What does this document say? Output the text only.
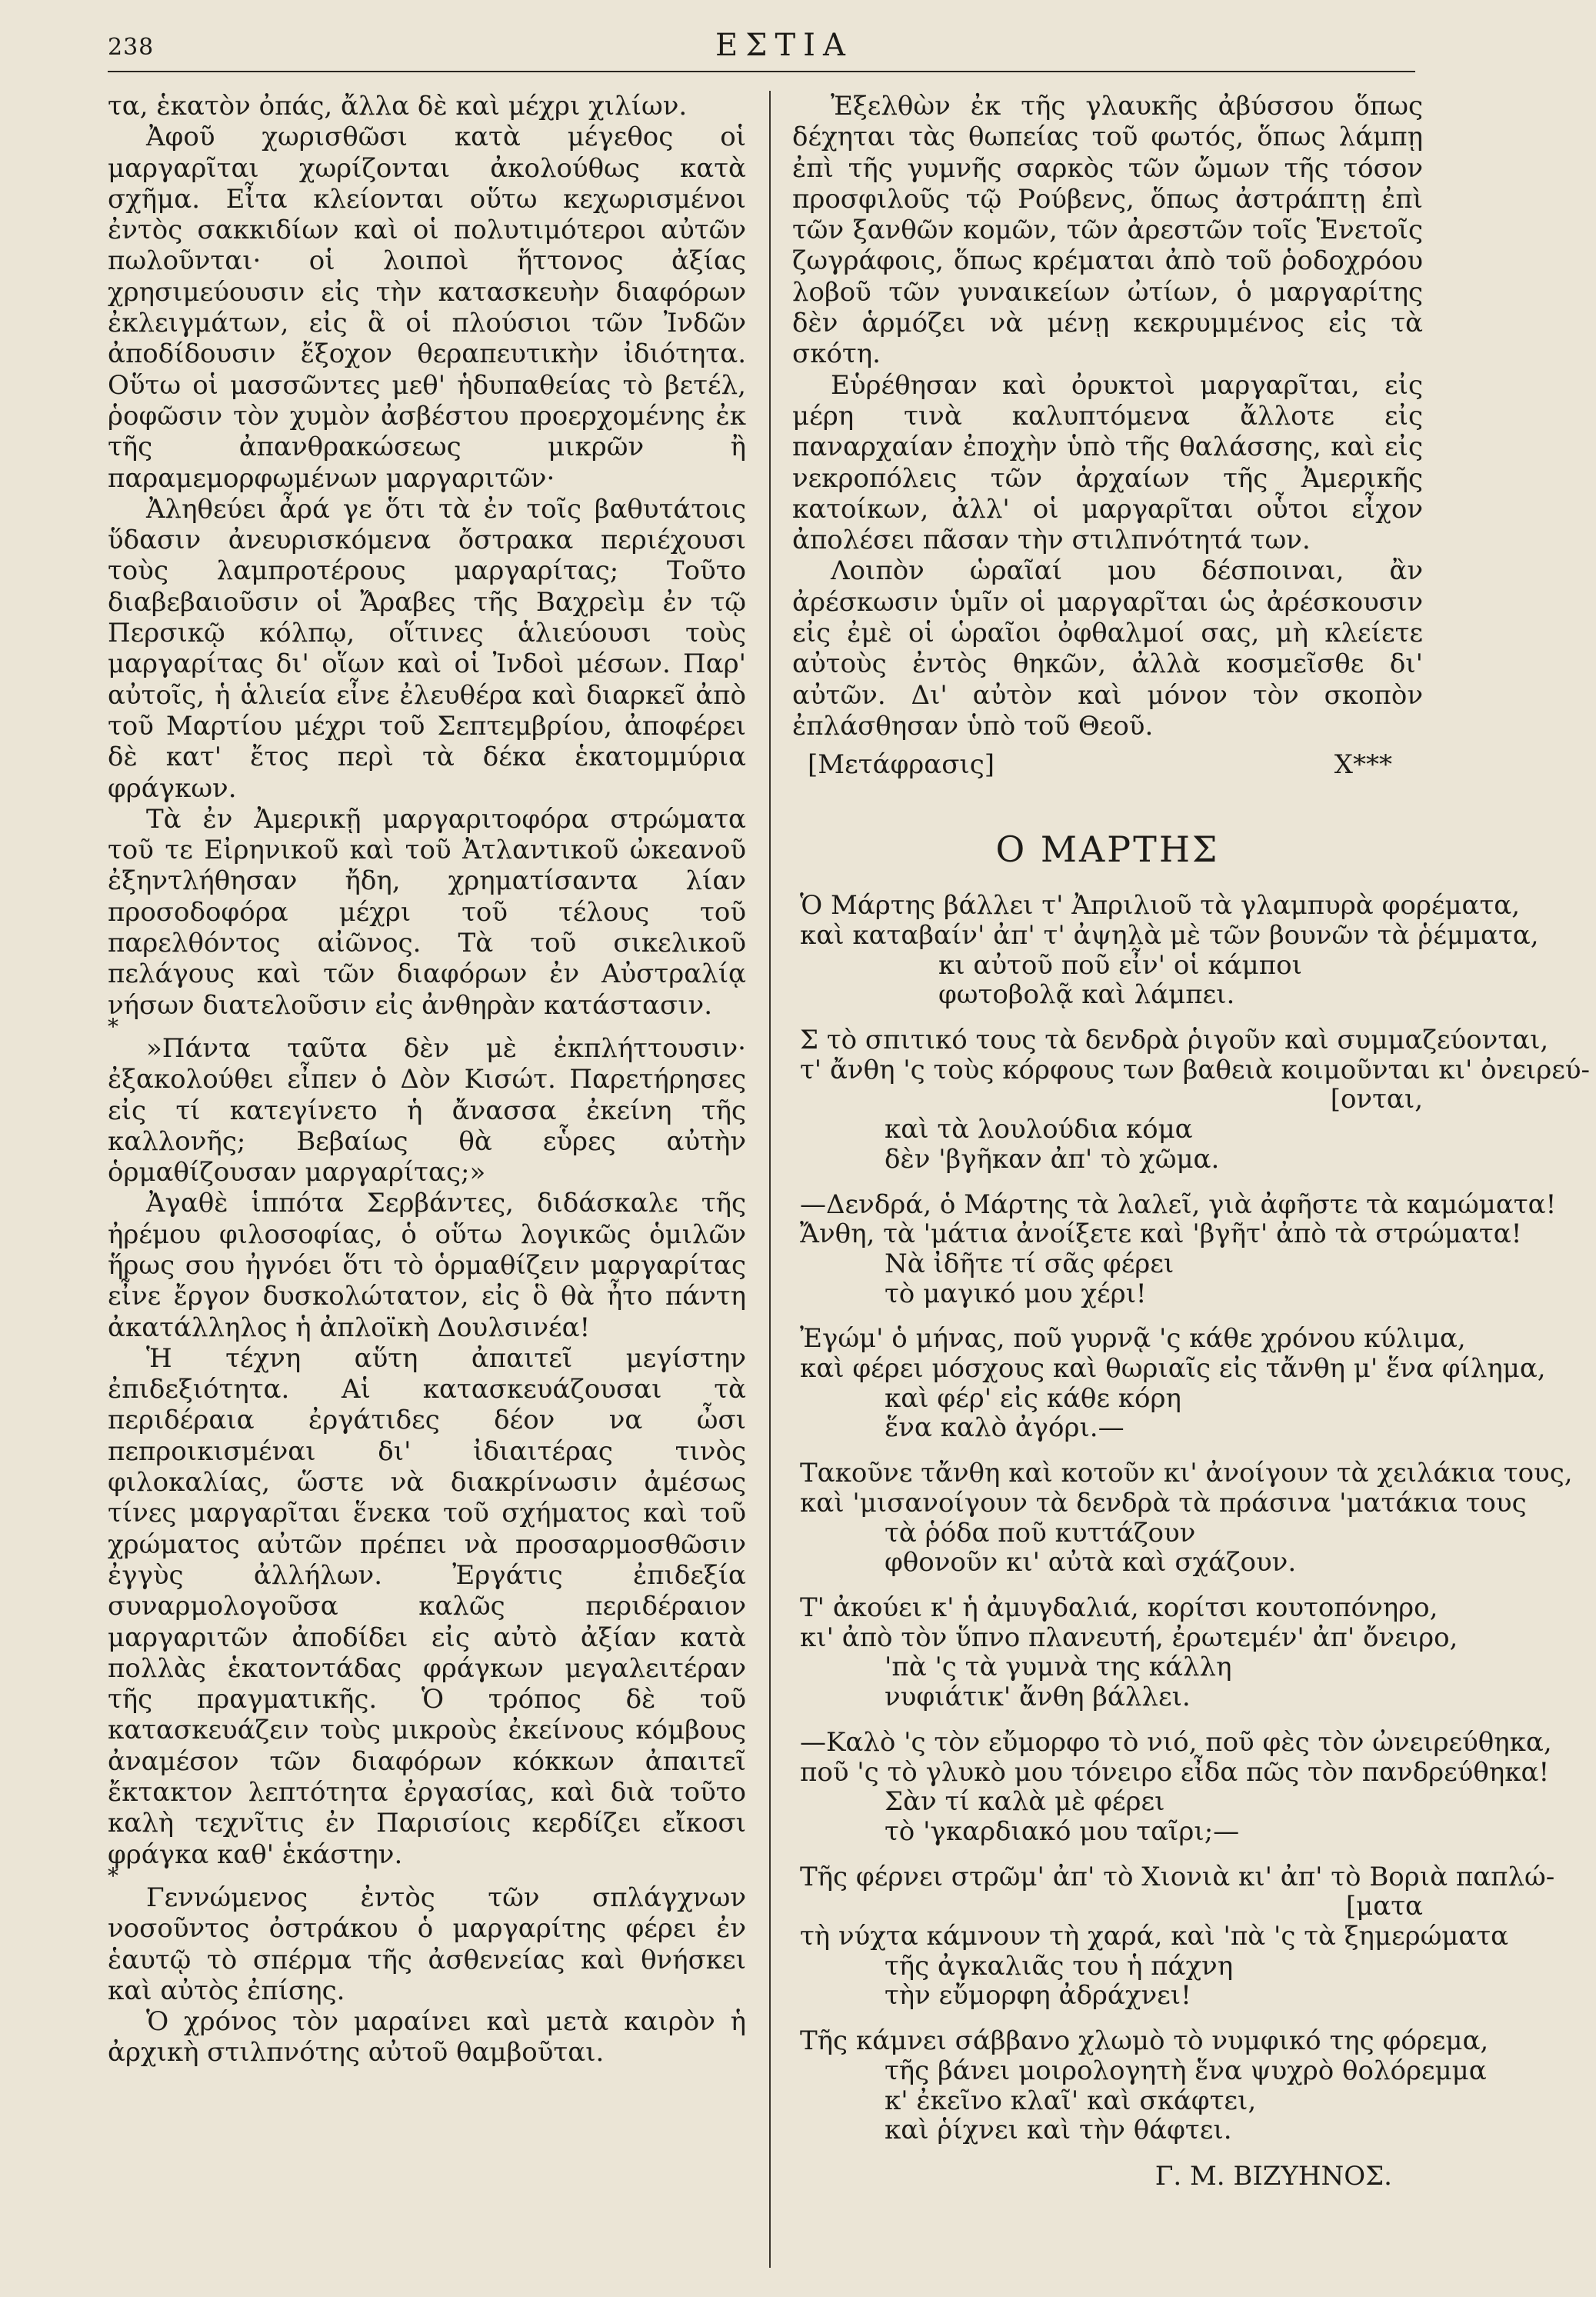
238	ΕΣΤΙΑ

τα, ἑκατὸν ὀπάς, ἄλλα δὲ καὶ μέχρι χιλίων.

Ἀφοῦ χωρισθῶσι κατὰ μέγεθος οἱ μαργαρῖται χωρίζονται ἀκολούθως κατὰ σχῆμα. Εἶτα κλείονται οὕτω κεχωρισμένοι ἐντὸς σακκιδίων καὶ οἱ πολυτιμότεροι αὐτῶν πωλοῦνται· οἱ λοιποὶ ἥττονος ἀξίας χρησιμεύουσιν εἰς τὴν κατασκευὴν διαφόρων ἐκλειγμάτων, εἰς ἃ οἱ πλούσιοι τῶν Ἰνδῶν ἀποδίδουσιν ἔξοχον θεραπευτικὴν ἰδιότητα. Οὕτω οἱ μασσῶντες μεθ' ἡδυπαθείας τὸ βετέλ, ῥοφῶσιν τὸν χυμὸν ἀσβέστου προερχομένης ἐκ τῆς ἀπανθρακώσεως μικρῶν ἢ παραμεμορφωμένων μαργαριτῶν·

Ἀληθεύει ἆρά γε ὅτι τὰ ἐν τοῖς βαθυτάτοις ὕδασιν ἀνευρισκόμενα ὄστρακα περιέχουσι τοὺς λαμπροτέρους μαργαρίτας; Τοῦτο διαβεβαιοῦσιν οἱ Ἄραβες τῆς Βαχρεὶμ ἐν τῷ Περσικῷ κόλπῳ, οἵτινες ἁλιεύουσι τοὺς μαργαρίτας δι' οἵων καὶ οἱ Ἰνδοὶ μέσων. Παρ' αὐτοῖς, ἡ ἁλιεία εἶνε ἐλευθέρα καὶ διαρκεῖ ἀπὸ τοῦ Μαρτίου μέχρι τοῦ Σεπτεμβρίου, ἀποφέρει δὲ κατ' ἔτος περὶ τὰ δέκα ἑκατομμύρια φράγκων.

Τὰ ἐν Ἀμερικῇ μαργαριτοφόρα στρώματα τοῦ τε Εἰρηνικοῦ καὶ τοῦ Ἀτλαντικοῦ ὠκεανοῦ ἐξηντλήθησαν ἤδη, χρηματίσαντα λίαν προσοδοφόρα μέχρι τοῦ τέλους τοῦ παρελθόντος αἰῶνος. Τὰ τοῦ σικελικοῦ πελάγους καὶ τῶν διαφόρων ἐν Αὐστραλίᾳ νήσων διατελοῦσιν εἰς ἀνθηρὰν κατάστασιν.

*

»Πάντα ταῦτα δὲν μὲ ἐκπλήττουσιν· ἐξακολούθει εἶπεν ὁ Δὸν Κισώτ. Παρετήρησες εἰς τί κατεγίνετο ἡ ἄνασσα ἐκείνη τῆς καλλονῆς; Βεβαίως θὰ εὗρες αὐτὴν ὁρμαθίζουσαν μαργαρίτας;»

Ἀγαθὲ ἱππότα Σερβάντες, διδάσκαλε τῆς ἠρέμου φιλοσοφίας, ὁ οὕτω λογικῶς ὁμιλῶν ἥρως σου ἠγνόει ὅτι τὸ ὁρμαθίζειν μαργαρίτας εἶνε ἔργον δυσκολώτατον, εἰς ὃ θὰ ἦτο πάντη ἀκατάλληλος ἡ ἀπλοϊκὴ Δουλσινέα!

Ἡ τέχνη αὕτη ἀπαιτεῖ μεγίστην ἐπιδεξιότητα. Αἱ κατασκευάζουσαι τὰ περιδέραια ἐργάτιδες δέον να ὦσι πεπροικισμέναι δι' ἰδιαιτέρας τινὸς φιλοκαλίας, ὥστε νὰ διακρίνωσιν ἀμέσως τίνες μαργαρῖται ἕνεκα τοῦ σχήματος καὶ τοῦ χρώματος αὐτῶν πρέπει νὰ προσαρμοσθῶσιν ἐγγὺς ἀλλήλων. Ἐργάτις ἐπιδεξία συναρμολογοῦσα καλῶς περιδέραιον μαργαριτῶν ἀποδίδει εἰς αὐτὸ ἀξίαν κατὰ πολλὰς ἑκατοντάδας φράγκων μεγαλειτέραν τῆς πραγματικῆς. Ὁ τρόπος δὲ τοῦ κατασκευάζειν τοὺς μικροὺς ἐκείνους κόμβους ἀναμέσον τῶν διαφόρων κόκκων ἀπαιτεῖ ἔκτακτον λεπτότητα ἐργασίας, καὶ διὰ τοῦτο καλὴ τεχνῖτις ἐν Παρισίοις κερδίζει εἴκοσι φράγκα καθ' ἑκάστην.

*

Γεννώμενος ἐντὸς τῶν σπλάγχνων νοσοῦντος ὀστράκου ὁ μαργαρίτης φέρει ἐν ἑαυτῷ τὸ σπέρμα τῆς ἀσθενείας καὶ θνήσκει καὶ αὐτὸς ἐπίσης.

Ὁ χρόνος τὸν μαραίνει καὶ μετὰ καιρὸν ἡ ἀρχικὴ στιλπνότης αὐτοῦ θαμβοῦται.

Ἐξελθὼν ἐκ τῆς γλαυκῆς ἀβύσσου ὅπως δέχηται τὰς θωπείας τοῦ φωτός, ὅπως λάμπῃ ἐπὶ τῆς γυμνῆς σαρκὸς τῶν ὤμων τῆς τόσον προσφιλοῦς τῷ Ρούβενς, ὅπως ἀστράπτῃ ἐπὶ τῶν ξανθῶν κομῶν, τῶν ἀρεστῶν τοῖς Ἑνετοῖς ζωγράφοις, ὅπως κρέμαται ἀπὸ τοῦ ῥοδοχρόου λοβοῦ τῶν γυναικείων ὠτίων, ὁ μαργαρίτης δὲν ἁρμόζει νὰ μένῃ κεκρυμμένος εἰς τὰ σκότη.

Εὑρέθησαν καὶ ὀρυκτοὶ μαργαρῖται, εἰς μέρη τινὰ καλυπτόμενα ἄλλοτε εἰς παναρχαίαν ἐποχὴν ὑπὸ τῆς θαλάσσης, καὶ εἰς νεκροπόλεις τῶν ἀρχαίων τῆς Ἀμερικῆς κατοίκων, ἀλλ' οἱ μαργαρῖται οὗτοι εἶχον ἀπολέσει πᾶσαν τὴν στιλπνότητά των.

Λοιπὸν ὡραῖαί μου δέσποιναι, ἂν ἀρέσκωσιν ὑμῖν οἱ μαργαρῖται ὡς ἀρέσκουσιν εἰς ἐμὲ οἱ ὡραῖοι ὀφθαλμοί σας, μὴ κλείετε αὐτοὺς ἐντὸς θηκῶν, ἀλλὰ κοσμεῖσθε δι' αὐτῶν. Δι' αὐτὸν καὶ μόνον τὸν σκοπὸν ἐπλάσθησαν ὑπὸ τοῦ Θεοῦ.

[Μετάφρασις]	Χ***
Ο ΜΑΡΤΗΣ
Ὁ Μάρτης βάλλει τ' Ἀπριλιοῦ τὰ γλαμπυρὰ φορέματα,
καὶ καταβαίν' ἀπ' τ' ἀψηλὰ μὲ τῶν βουνῶν τὰ ῥέμματα,
κι αὐτοῦ ποῦ εἶν' οἱ κάμποι
φωτοβολᾷ καὶ λάμπει.
Σ τὸ σπιτικό τους τὰ δενδρὰ ῥιγοῦν καὶ συμμαζεύονται,
τ' ἄνθη 'ς τοὺς κόρφους των βαθειὰ κοιμοῦνται κι' ὀνειρεύ-
[ονται,
καὶ τὰ λουλούδια κόμα
δὲν 'βγῆκαν ἀπ' τὸ χῶμα.
—Δενδρά, ὁ Μάρτης τὰ λαλεῖ, γιὰ ἀφῆστε τὰ καμώματα!
Ἄνθη, τὰ 'μάτια ἀνοίξετε καὶ 'βγῆτ' ἀπὸ τὰ στρώματα!
Νὰ ἰδῆτε τί σᾶς φέρει
τὸ μαγικό μου χέρι!
Ἐγώμ' ὁ μήνας, ποῦ γυρνᾷ 'ς κάθε χρόνου κύλιμα,
καὶ φέρει μόσχους καὶ θωριαῖς εἰς τἄνθη μ' ἕνα φίλημα,
καὶ φέρ' εἰς κάθε κόρη
ἕνα καλὸ ἀγόρι.—
Τακοῦνε τἄνθη καὶ κοτοῦν κι' ἀνοίγουν τὰ χειλάκια τους,
καὶ 'μισανοίγουν τὰ δενδρὰ τὰ πράσινα 'ματάκια τους
τὰ ῥόδα ποῦ κυττάζουν
φθονοῦν κι' αὐτὰ καὶ σχάζουν.
Τ' ἀκούει κ' ἡ ἀμυγδαλιά, κορίτσι κουτοπόνηρο,
κι' ἀπὸ τὸν ὕπνο πλανευτή, ἐρωτεμέν' ἀπ' ὄνειρο,
'πὰ 'ς τὰ γυμνὰ της κάλλη
νυφιάτικ' ἄνθη βάλλει.
—Καλὸ 'ς τὸν εὔμορφο τὸ νιό, ποῦ φὲς τὸν ὠνειρεύθηκα,
ποῦ 'ς τὸ γλυκὸ μου τόνειρο εἶδα πῶς τὸν πανδρεύθηκα!
Σὰν τί καλὰ μὲ φέρει
τὸ 'γκαρδιακό μου ταῖρι;—
Τῆς φέρνει στρῶμ' ἀπ' τὸ Χιονιὰ κι' ἀπ' τὸ Βοριὰ παπλώ-
[ματα
τὴ νύχτα κάμνουν τὴ χαρά, καὶ 'πὰ 'ς τὰ ξημερώματα
τῆς ἀγκαλιᾶς του ἡ πάχνη
τὴν εὔμορφη ἀδράχνει!
Τῆς κάμνει σάββανο χλωμὸ τὸ νυμφικό της φόρεμα,
τῆς βάνει μοιρολογητὴ ἕνα ψυχρὸ θολόρεμμα
κ' ἐκεῖνο κλαῖ' καὶ σκάφτει,
καὶ ῥίχνει καὶ τὴν θάφτει.
Γ. Μ. ΒΙΖΥΗΝΟΣ.
